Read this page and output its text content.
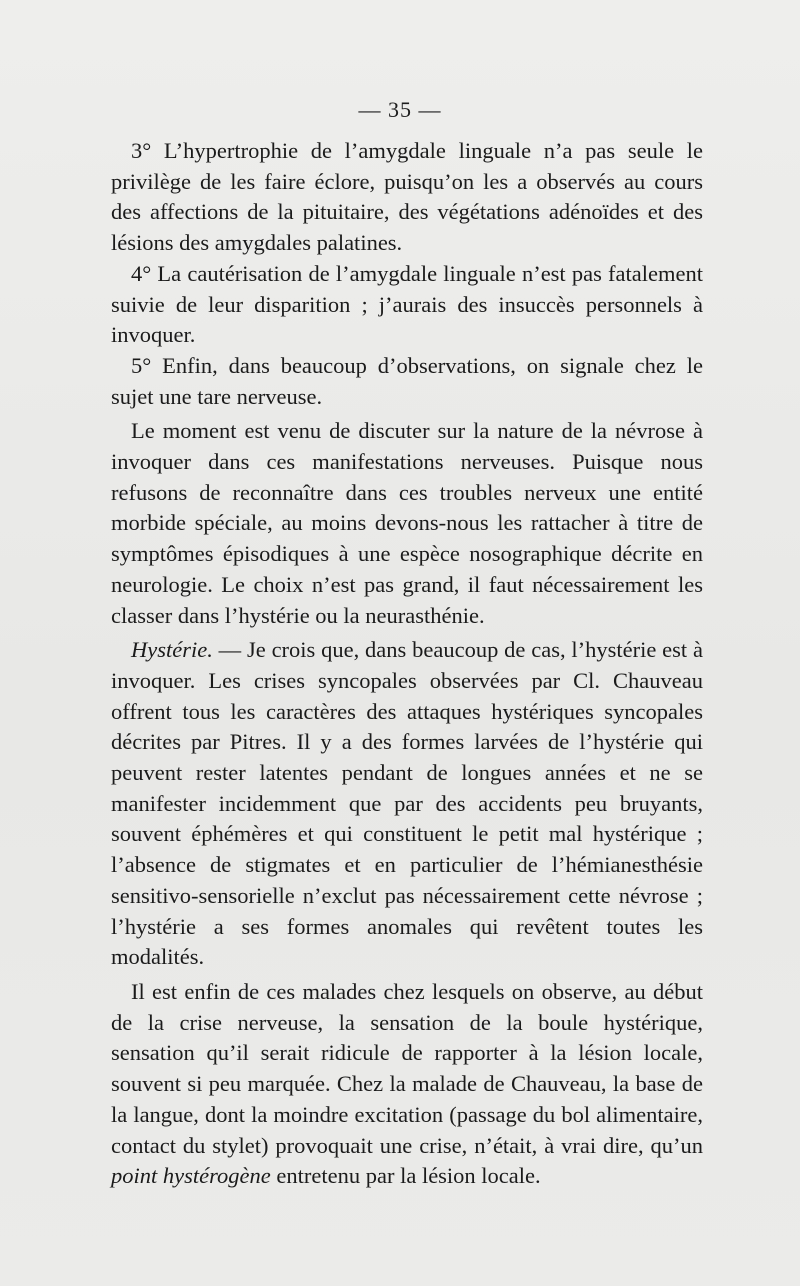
— 35 —

3° L’hypertrophie de l’amygdale linguale n’a pas seule le privilège de les faire éclore, puisqu’on les a observés au cours des affections de la pituitaire, des végétations adénoïdes et des lésions des amygdales palatines.

4° La cautérisation de l’amygdale linguale n’est pas fatalement suivie de leur disparition ; j’aurais des insuccès personnels à invoquer.

5° Enfin, dans beaucoup d’observations, on signale chez le sujet une tare nerveuse.

Le moment est venu de discuter sur la nature de la névrose à invoquer dans ces manifestations nerveuses. Puisque nous refusons de reconnaître dans ces troubles nerveux une entité morbide spéciale, au moins devons-nous les rattacher à titre de symptômes épisodiques à une espèce nosographique décrite en neurologie. Le choix n’est pas grand, il faut nécessairement les classer dans l’hystérie ou la neurasthénie.

Hystérie. — Je crois que, dans beaucoup de cas, l’hystérie est à invoquer. Les crises syncopales observées par Cl. Chauveau offrent tous les caractères des attaques hystériques syncopales décrites par Pitres. Il y a des formes larvées de l’hystérie qui peuvent rester latentes pendant de longues années et ne se manifester incidemment que par des accidents peu bruyants, souvent éphémères et qui constituent le petit mal hystérique ; l’absence de stigmates et en particulier de l’hémianesthésie sensitivo-sensorielle n’exclut pas nécessairement cette névrose ; l’hystérie a ses formes anomales qui revêtent toutes les modalités.

Il est enfin de ces malades chez lesquels on observe, au début de la crise nerveuse, la sensation de la boule hystérique, sensation qu’il serait ridicule de rapporter à la lésion locale, souvent si peu marquée. Chez la malade de Chauveau, la base de la langue, dont la moindre excitation (passage du bol alimentaire, contact du stylet) provoquait une crise, n’était, à vrai dire, qu’un point hystérogène entretenu par la lésion locale.
